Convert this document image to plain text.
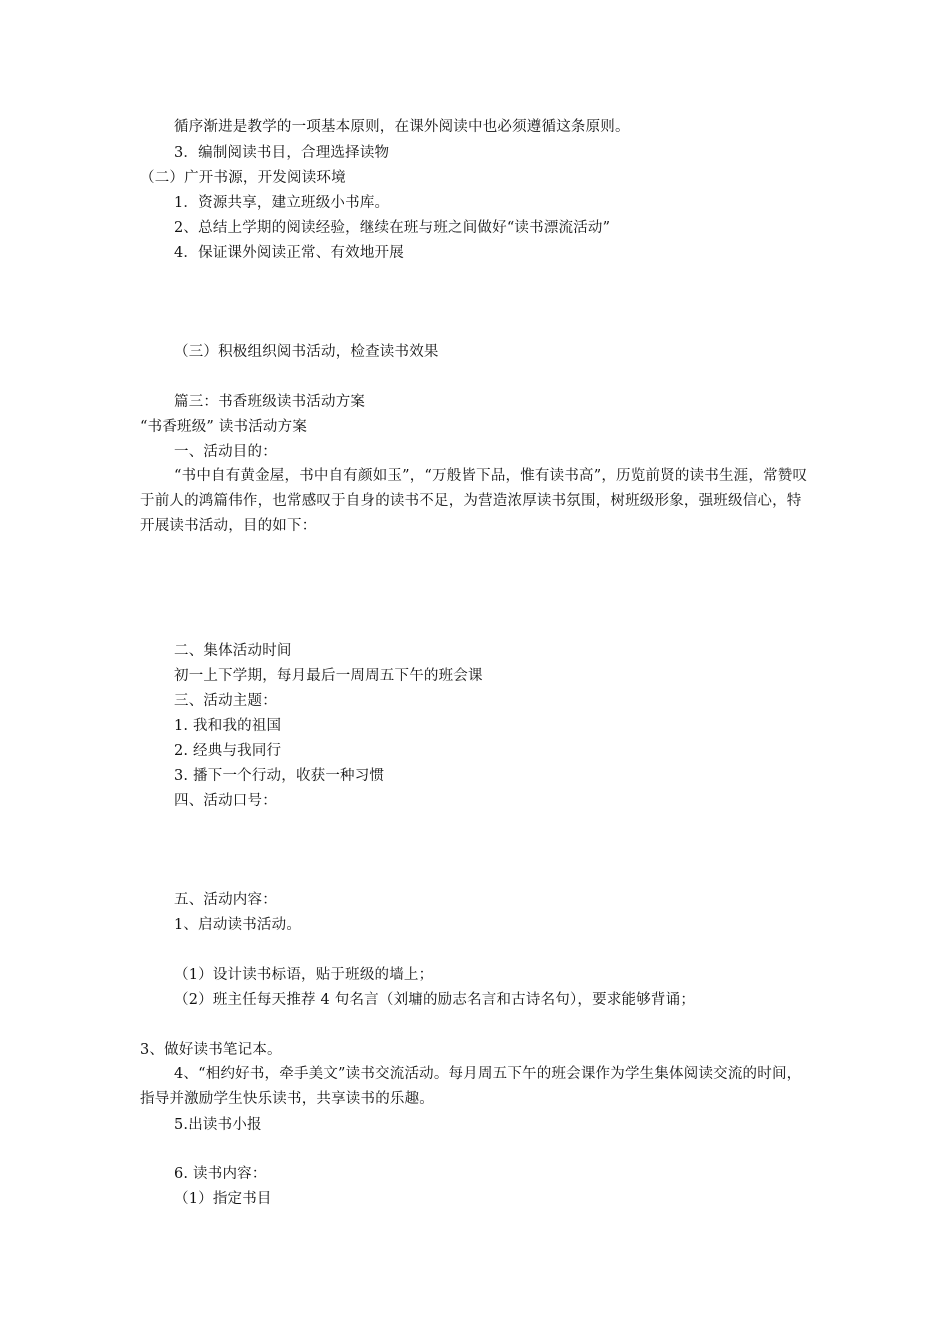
循序渐进是教学的一项基本原则，在课外阅读中也必须遵循这条原则。
3．编制阅读书目，合理选择读物
（二）广开书源，开发阅读环境
1．资源共享，建立班级小书库。
2、总结上学期的阅读经验，继续在班与班之间做好“读书漂流活动”
4．保证课外阅读正常、有效地开展
（三）积极组织阅书活动，检查读书效果
篇三：书香班级读书活动方案
“书香班级” 读书活动方案
一、活动目的：
“书中自有黄金屋，书中自有颜如玉”，“万般皆下品，惟有读书高”，历览前贤的读书生涯，常赞叹于前人的鸿篇伟作，也常感叹于自身的读书不足，为营造浓厚读书氛围，树班级形象，强班级信心，特开展读书活动，目的如下：
二、集体活动时间
初一上下学期，每月最后一周周五下午的班会课
三、活动主题：
1. 我和我的祖国
2. 经典与我同行
3. 播下一个行动，收获一种习惯
四、活动口号：
五、活动内容：
1、启动读书活动。
（1）设计读书标语，贴于班级的墙上；
（2）班主任每天推荐 4 句名言（刘墉的励志名言和古诗名句），要求能够背诵；
3、做好读书笔记本。
4、“相约好书，牵手美文”读书交流活动。每月周五下午的班会课作为学生集体阅读交流的时间，指导并激励学生快乐读书，共享读书的乐趣。
5.出读书小报
6. 读书内容：
（1）指定书目
